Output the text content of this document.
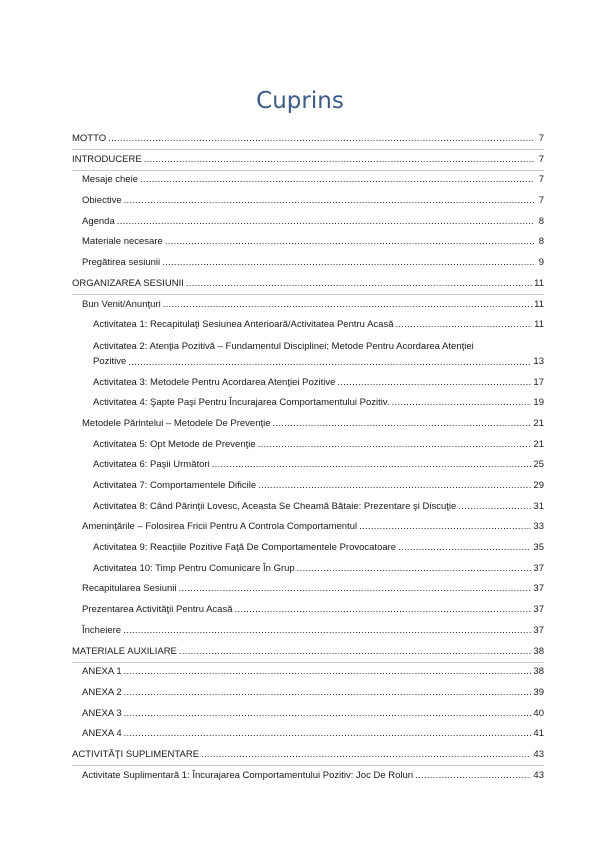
Cuprins
MOTTO .....	7
INTRODUCERE .....	7
Mesaje cheie .....	7
Obiective .....	7
Agenda .....	8
Materiale necesare .....	8
Pregătirea sesiunii .....	9
ORGANIZAREA SESIUNII .....	11
Bun Venit/Anunţuri .....	11
Activitatea 1: Recapitulaţi Sesiunea Anterioară/Activitatea Pentru Acasă .....	11
Activitatea 2: Atenţia Pozitivă – Fundamentul Disciplinei; Metode Pentru Acordarea Atenţiei
Pozitive .....	13
Activitatea 3: Metodele Pentru Acordarea Atenţiei Pozitive .....	17
Activitatea 4: Şapte Paşi Pentru Încurajarea Comportamentului Pozitiv. .....	19
Metodele Părintelui – Metodele De Prevenţie .....	21
Activitatea 5: Opt Metode de Prevenţie .....	21
Activitatea 6: Paşii Următori .....	25
Activitatea 7: Comportamentele Dificile .....	29
Activitatea 8: Când Părinţii Lovesc, Aceasta Se Cheamă Bătaie: Prezentare şi Discuţie .....	31
Ameninţările – Folosirea Fricii Pentru A Controla Comportamentul .....	33
Activitatea 9: Reacţiile Pozitive Faţă De Comportamentele Provocatoare .....	35
Activitatea 10: Timp Pentru Comunicare În Grup .....	37
Recapitularea Sesiunii .....	37
Prezentarea Activităţii Pentru Acasă .....	37
Încheiere .....	37
MATERIALE AUXILIARE .....	38
ANEXA 1 .....	38
ANEXA 2 .....	39
ANEXA 3 .....	40
ANEXA 4 .....	41
ACTIVITĂŢI SUPLIMENTARE .....	43
Activitate Suplimentară 1: Încurajarea Comportamentului Pozitiv: Joc De Roluri .....	43
